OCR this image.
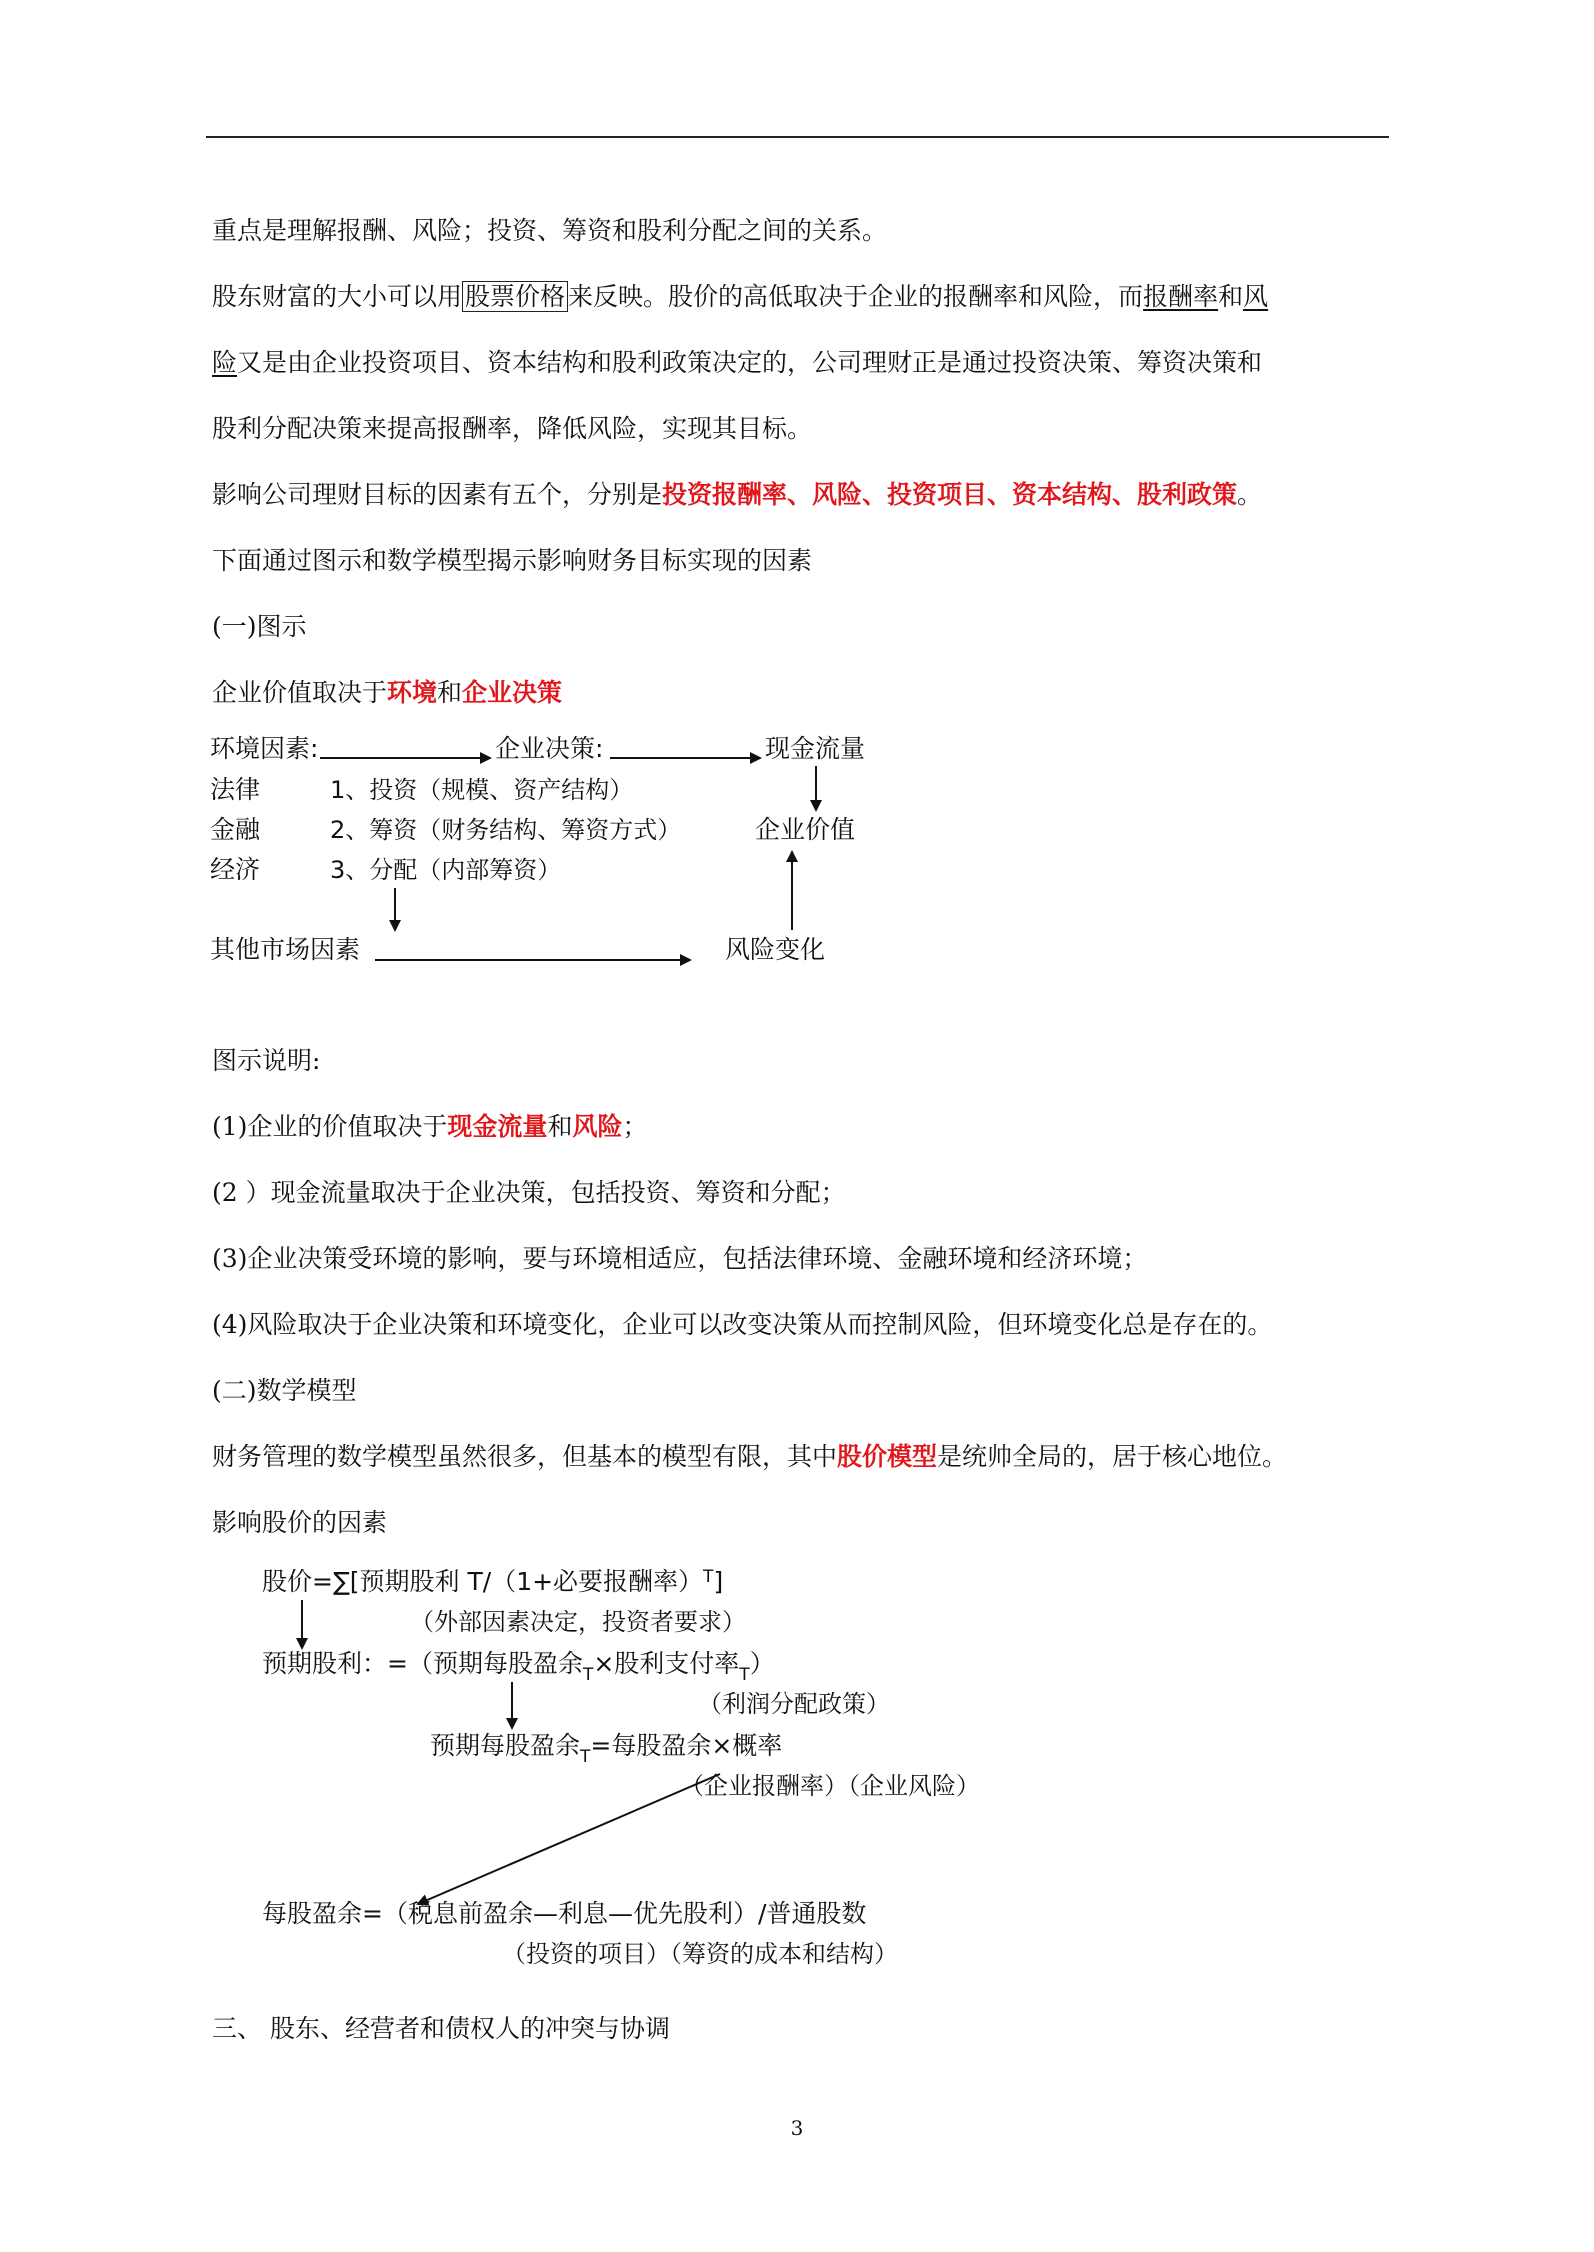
重点是理解报酬、风险；投资、筹资和股利分配之间的关系。
股东财富的大小可以用 股票价格 来反映。股价的高低取决于企业的报酬率和风险，而报酬率和风
险又是由企业投资项目、资本结构和股利政策决定的，公司理财正是通过投资决策、筹资决策和
股利分配决策来提高报酬率，降低风险，实现其目标。
影响公司理财目标的因素有五个，分别是投资报酬率、风险、投资项目、资本结构、股利政策。
下面通过图示和数学模型揭示影响财务目标实现的因素
(一)图示
企业价值取决于环境和企业决策
环境因素:	企业决策:	现金流量
法律
金融
经济
1、投资（规模、资产结构）
2、筹资（财务结构、筹资方式）
3、分配（内部筹资）
企业价值
其他市场因素	风险变化
图示说明:
(1)企业的价值取决于现金流量和风险；
(2 ）现金流量取决于企业决策，包括投资、筹资和分配；
(3)企业决策受环境的影响，要与环境相适应，包括法律环境、金融环境和经济环境；
(4)风险取决于企业决策和环境变化，企业可以改变决策从而控制风险，但环境变化总是存在的。
(二)数学模型
财务管理的数学模型虽然很多，但基本的模型有限，其中股价模型是统帅全局的，居于核心地位。
影响股价的因素
股价=∑[预期股利 T/（1+必要报酬率）$^T$]
（外部因素决定，投资者要求）
预期股利：=（预期每股盈余$_T$×股利支付率$_T$）
（利润分配政策）
预期每股盈余$_T$=每股盈余×概率
（企业报酬率）（企业风险）
每股盈余=（税息前盈余—利息—优先股利）/普通股数
（投资的项目）（筹资的成本和结构）
三、 股东、经营者和债权人的冲突与协调
3
